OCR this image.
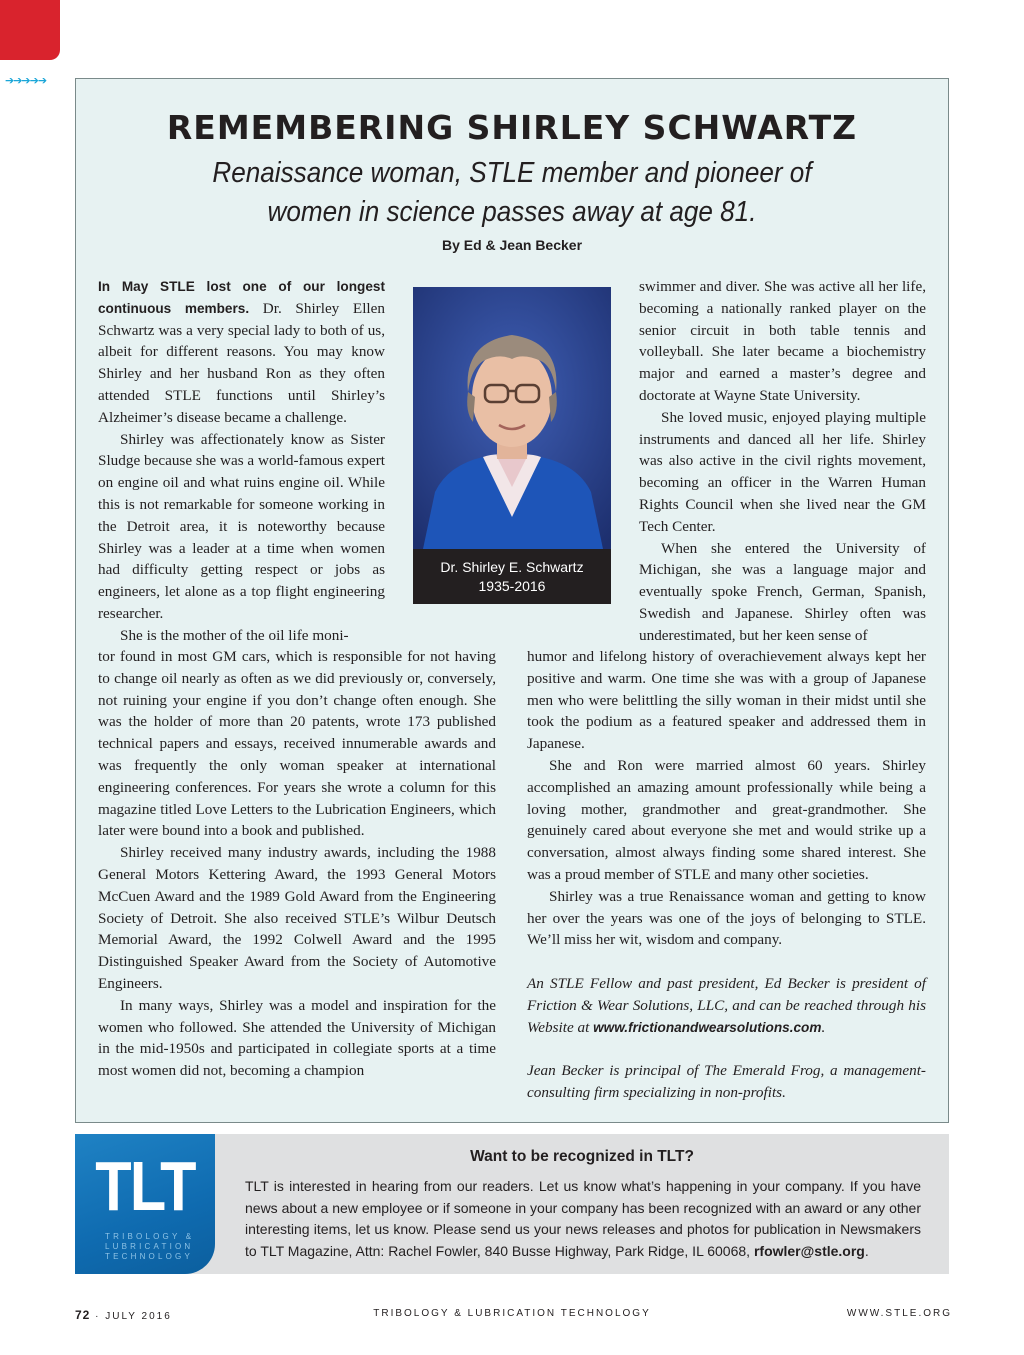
➔➔➔➔➔
REMEMBERING SHIRLEY SCHWARTZ
Renaissance woman, STLE member and pioneer of
women in science passes away at age 81.
By Ed & Jean Becker

In May STLE lost one of our longest continuous members. Dr. Shirley Ellen Schwartz was a very special lady to both of us, albeit for different reasons. You may know Shirley and her husband Ron as they often attended STLE functions until Shirley’s Alzheimer’s disease became a challenge.

Shirley was affectionately know as Sister Sludge because she was a world-famous expert on engine oil and what ruins engine oil. While this is not remarkable for someone working in the Detroit area, it is noteworthy because Shirley was a leader at a time when women had difficulty getting respect or jobs as engineers, let alone as a top flight engineering researcher.

She is the mother of the oil life moni-

tor found in most GM cars, which is responsible for not having to change oil nearly as often as we did previously or, conversely, not ruining your engine if you don’t change often enough. She was the holder of more than 20 patents, wrote 173 published technical papers and essays, received innumerable awards and was frequently the only woman speaker at international engineering conferences. For years she wrote a column for this magazine titled Love Letters to the Lubrication Engineers, which later were bound into a book and published.

Shirley received many industry awards, including the 1988 General Motors Kettering Award, the 1993 General Motors McCuen Award and the 1989 Gold Award from the Engineering Society of Detroit. She also received STLE’s Wilbur Deutsch Memorial Award, the 1992 Colwell Award and the 1995 Distinguished Speaker Award from the Society of Automotive Engineers.

In many ways, Shirley was a model and inspiration for the women who followed. She attended the University of Michigan in the mid-1950s and participated in collegiate sports at a time most women did not, becoming a champion

Dr. Shirley E. Schwartz
1935-2016

swimmer and diver. She was active all her life, becoming a nationally ranked player on the senior circuit in both table tennis and volleyball. She later became a biochemistry major and earned a master’s degree and doctorate at Wayne State University.

She loved music, enjoyed playing multiple instruments and danced all her life. Shirley was also active in the civil rights movement, becoming an officer in the Warren Human Rights Council when she lived near the GM Tech Center.

When she entered the University of Michigan, she was a language major and eventually spoke French, German, Spanish, Swedish and Japanese. Shirley often was underestimated, but her keen sense of

humor and lifelong history of overachievement always kept her positive and warm. One time she was with a group of Japanese men who were belittling the silly woman in their midst until she took the podium as a featured speaker and addressed them in Japanese.

She and Ron were married almost 60 years. Shirley accomplished an amazing amount professionally while being a loving mother, grandmother and great-grandmother. She genuinely cared about everyone she met and would strike up a conversation, almost always finding some shared interest. She was a proud member of STLE and many other societies.

Shirley was a true Renaissance woman and getting to know her over the years was one of the joys of belonging to STLE. We’ll miss her wit, wisdom and company.

An STLE Fellow and past president, Ed Becker is president of Friction & Wear Solutions, LLC, and can be reached through his Website at www.frictionandwearsolutions.com.

Jean Becker is principal of The Emerald Frog, a management-consulting firm specializing in non-profits.

TLT
TRIBOLOGY &
LUBRICATION
TECHNOLOGY
Want to be recognized in TLT?
TLT is interested in hearing from our readers. Let us know what’s happening in your company. If you have news about a new employee or if someone in your company has been recognized with an award or any other interesting items, let us know. Please send us your news releases and photos for publication in Newsmakers to TLT Magazine, Attn: Rachel Fowler, 840 Busse Highway, Park Ridge, IL 60068, rfowler@stle.org.
TRIBOLOGY & LUBRICATION TECHNOLOGY
72 · JULY 2016	WWW.STLE.ORG
